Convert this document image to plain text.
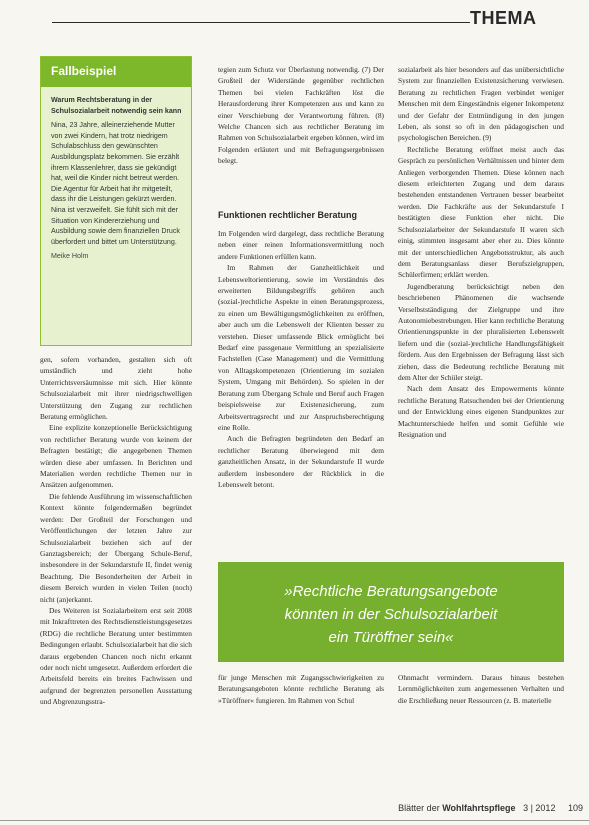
THEMA
Fallbeispiel
Warum Rechtsberatung in der Schulsozialarbeit notwendig sein kann
Nina, 23 Jahre, alleinerziehende Mutter von zwei Kindern, hat trotz niedrigem Schulabschluss den gewünschten Ausbildungsplatz bekommen. Sie erzählt ihrem Klassenlehrer, dass sie gekündigt hat, weil die Kinder nicht betreut werden. Die Agentur für Arbeit hat ihr mitgeteilt, dass ihr die Leistungen gekürzt werden. Nina ist verzweifelt. Sie fühlt sich mit der Situation von Kindererziehung und Ausbildung sowie dem finanziellen Druck überfordert und bittet um Unterstützung.
Meike Holm

gen, sofern vorhanden, gestalten sich oft umständlich und zieht hohe Unterrichtsversäumnisse mit sich. Hier könnte Schulsozialarbeit mit ihrer niedrigschwelligen Unterstützung den Zugang zur rechtlichen Beratung ermöglichen.

Eine explizite konzeptionelle Berücksichtigung von rechtlicher Beratung wurde von keinem der Befragten bestätigt; die angegebenen Themen würden diese aber umfassen. In Berichten und Materialien werden rechtliche Themen nur in Ansätzen aufgenommen.

Die fehlende Ausführung im wissenschaftlichen Kontext könnte folgendermaßen begründet werden: Der Großteil der Forschungen und Veröffentlichungen der letzten Jahre zur Schulsozialarbeit beziehen sich auf der Ganztagsbereich; der Übergang Schule-Beruf, insbesondere in der Sekundarstufe II, findet wenig Beachtung. Die Besonderheiten der Arbeit in diesem Bereich wurden in vielen Teilen (noch) nicht (an)erkannt.

Des Weiteren ist Sozialarbeitern erst seit 2008 mit Inkrafttreten des Rechtsdienstleistungsgesetzes (RDG) die rechtliche Beratung unter bestimmten Bedingungen erlaubt. Schulsozialarbeit hat die sich daraus ergebenden Chancen noch nicht erkannt oder noch nicht umgesetzt. Außerdem erfordert die Arbeitsfeld bereits ein breites Fachwissen und aufgrund der begrenzten personellen Ausstattung und Abgrenzungsstra-

tegien zum Schutz vor Überlastung notwendig. (7) Der Großteil der Widerstände gegenüber rechtlichen Themen bei vielen Fachkräften löst die Herausforderung ihrer Kompetenzen aus und kann zu einer Verschiebung der Verantwortung führen. (8) Welche Chancen sich aus rechtlicher Beratung im Rahmen von Schulsozialarbeit ergeben können, wird im Folgenden erläutert und mit Befragungsergebnissen belegt.

Funktionen rechtlicher Beratung

Im Folgenden wird dargelegt, dass rechtliche Beratung neben einer reinen Informationsvermittlung noch andere Funktionen erfüllen kann.

Im Rahmen der Ganzheitlichkeit und Lebensweltorientierung, sowie im Verständnis des erweiterten Bildungsbegriffs gehören auch (sozial-)rechtliche Aspekte in einen Beratungsprozess, zu einen um Bewältigungsmöglichkeiten zu eröffnen, aber auch um die Lebenswelt der Klienten besser zu verstehen. Dieser umfassende Blick ermöglicht bei Bedarf eine passgenaue Vermittlung an spezialisierte Fachstellen (Case Management) und die Vermittlung von Alltagskompetenzen (Orientierung im sozialen System, Umgang mit Behörden). So spielen in der Beratung zum Übergang Schule und Beruf auch Fragen beispielsweise zur Existenzsicherung, zum Arbeitsvertragsrecht und zur Anspruchsberechtigung eine Rolle.

Auch die Befragten begründeten den Bedarf an rechtlicher Beratung überwiegend mit dem ganzheitlichen Ansatz, in der Sekundarstufe II wurde außerdem insbesondere der Rückblick in die Lebenswelt betont.

sozialarbeit als hier besonders auf das unübersichtliche System zur finanziellen Existenzsicherung verwiesen. Beratung zu rechtlichen Fragen verbindet weniger Menschen mit dem Eingeständnis eigener Inkompetenz und der Gefahr der Entmündigung in den jungen Leben, als sonst so oft in den pädagogischen und psychologischen Bereichen. (9)

Rechtliche Beratung eröffnet meist auch das Gespräch zu persönlichen Verhältnissen und hinter dem Anliegen verborgenden Themen. Diese können nach diesem erleichterten Zugang und dem daraus bestehenden entstandenen Vertrauen besser bearbeitet werden. Die Fachkräfte aus der Sekundarstufe I bestätigten diese Funktion eher nicht. Die Schulsozialarbeiter der Sekundarstufe II waren sich einig, stimmten insgesamt aber eher zu. Dies könnte mit der unterschiedlichen Angebotsstruktur, als auch dem Beratungsanlass dieser Berufszielgruppen, Schülerfirmen; erklärt werden.

Jugendberatung berücksichtigt neben den beschriebenen Phänomenen die wachsende Verselbstständigung der Zielgruppe und ihre Autonomiebestrebungen. Hier kann rechtliche Beratung Orientierungspunkte in der pluralisierten Lebenswelt liefern und die (sozial-)rechtliche Handlungsfähigkeit fördern. Aus den Ergebnissen der Befragung lässt sich ziehen, dass die Bedeutung rechtliche Beratung mit dem Alter der Schüler steigt.

Nach dem Ansatz des Empowerments könnte rechtliche Beratung Ratsuchenden bei der Orientierung und der Entwicklung eines eigenen Standpunktes zur Machtunterschiede helfen und somit Gefühle wie Resignation und

»Rechtliche Beratungsangebote
könnten in der Schulsozialarbeit
ein Türöffner sein«

für junge Menschen mit Zugangsschwierigkeiten zu Beratungsangeboten könnte rechtliche Beratung als »Türöffner« fungieren. Im Rahmen von Schul

Ohnmacht vermindern. Daraus hinaus bestehen Lernmöglichkeiten zum angemessenen Verhalten und die Erschließung neuer Ressourcen (z. B. materielle

Blätter der Wohlfahrtspflege 3 | 2012 109
